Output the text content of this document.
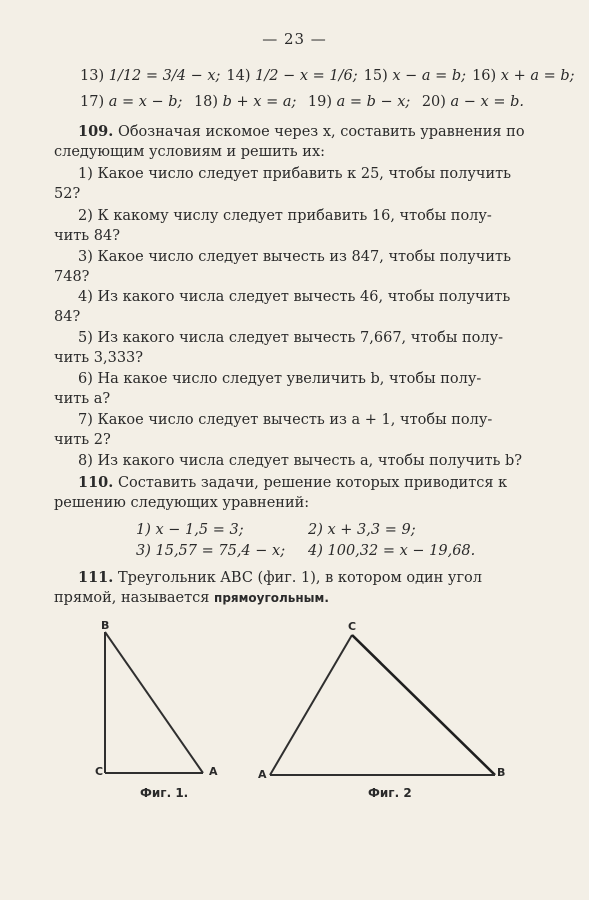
— 23 —
13) 1/12 = 3/4 − x; 14) 1/2 − x = 1/6; 15) x − a = b; 16) x + a = b;
17) a = x − b; 18) b + x = a; 19) a = b − x; 20) a − x = b.
109. Обозначая искомое через x, составить уравнения по
следующим условиям и решить их:
1) Какое число следует прибавить к 25, чтобы получить
52?
2) К какому числу следует прибавить 16, чтобы полу-
чить 84?
3) Какое число следует вычесть из 847, чтобы получить
748?
4) Из какого числа следует вычесть 46, чтобы получить
84?
5) Из какого числа следует вычесть 7,667, чтобы полу-
чить 3,333?
6) На какое число следует увеличить b, чтобы полу-
чить a?
7) Какое число следует вычесть из a + 1, чтобы полу-
чить 2?
8) Из какого числа следует вычесть a, чтобы получить b?
110. Составить задачи, решение которых приводится к
решению следующих уравнений:
1) x − 1,5 = 3;	2) x + 3,3 = 9;
3) 15,57 = 75,4 − x; 4) 100,32 = x − 19,68.
111. Треугольник ABC (фиг. 1), в котором один угол
прямой, называется прямоугольным.
B
C	A
Фиг. 1.
C
A	B
Фиг. 2
